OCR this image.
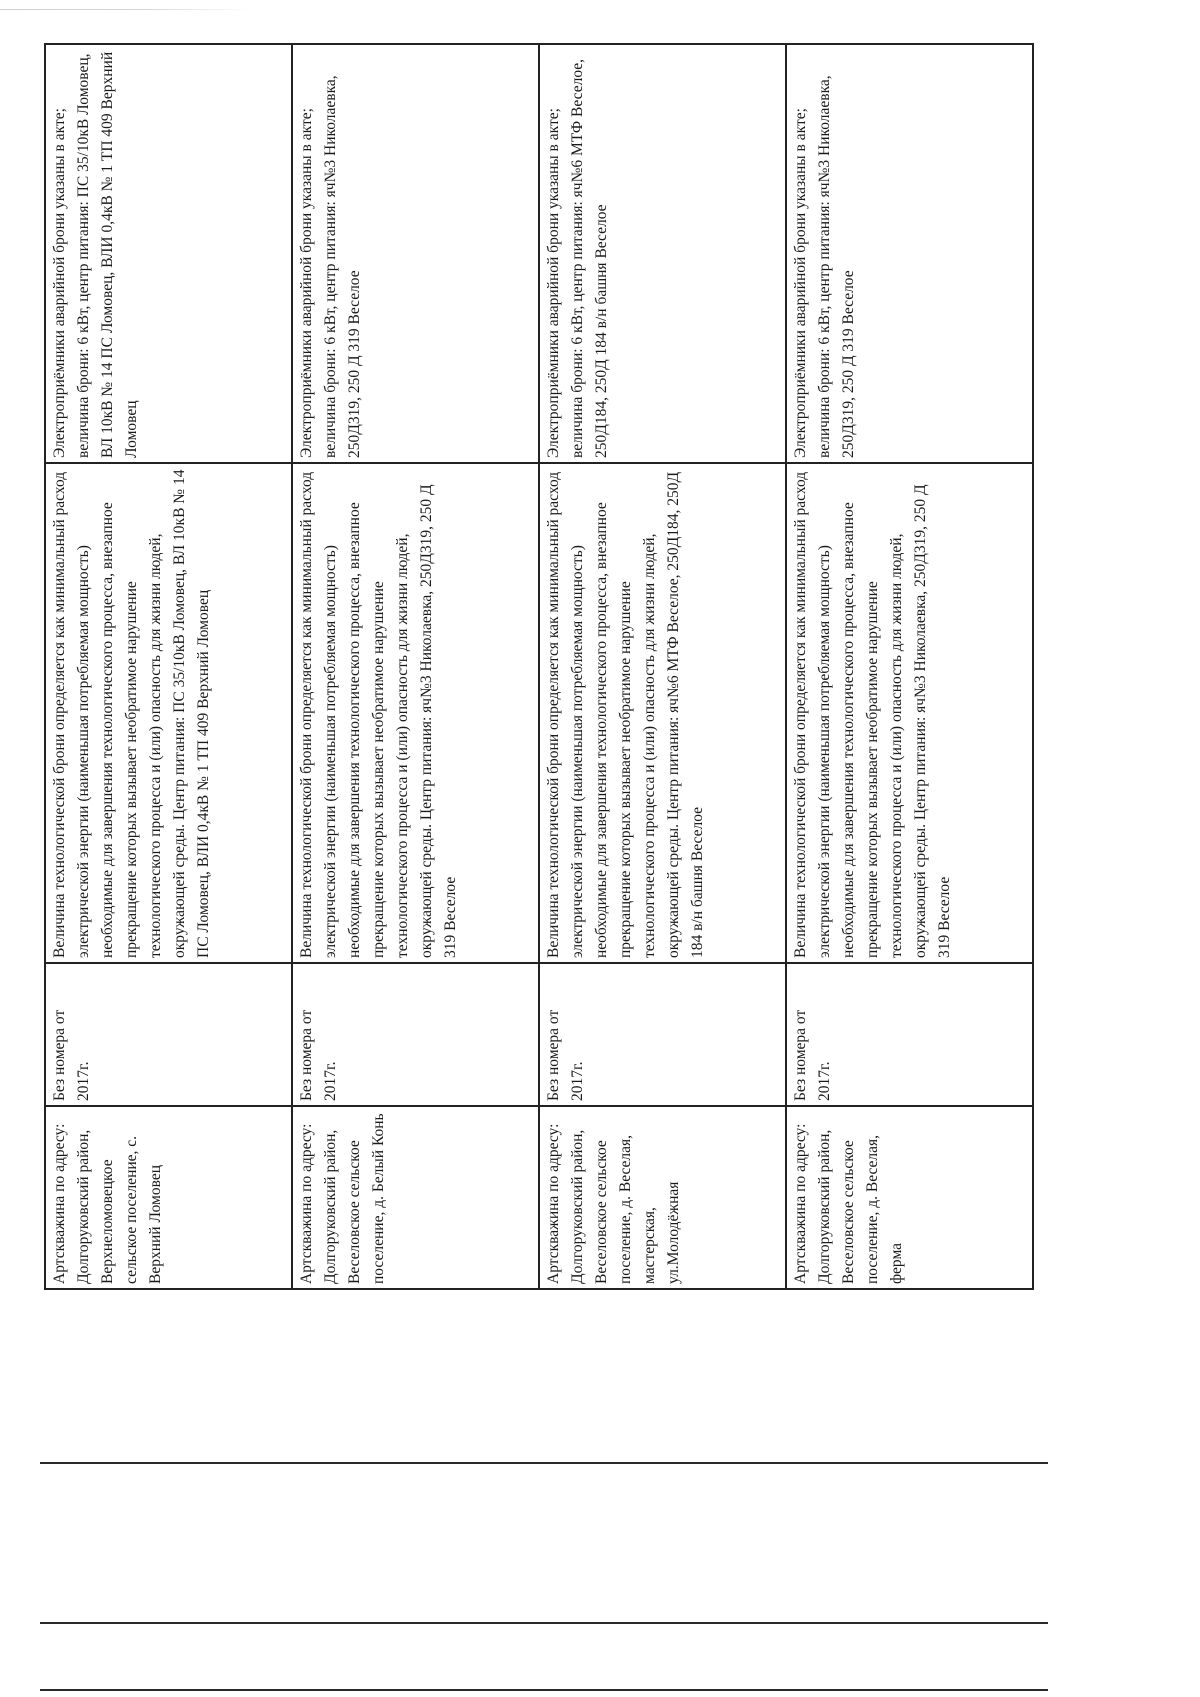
Артскважина по адресу: Долгоруковский район, Верхнеломовецкое сельское поселение, с. Верхний Ломовец	Без номера от 2017г.	Величина технологической брони определяется как минимальный расход электрической энергии (наименьшая потребляемая мощность) необходимые для завершения технологического процесса, внезапное прекращение которых вызывает необратимое нарушение технологического процесса и (или) опасность для жизни людей, окружающей среды. Центр питания: ПС 35/10кВ Ломовец, ВЛ 10кВ № 14 ПС Ломовец, ВЛИ 0,4кВ № 1 ТП 409 Верхний Ломовец	Электроприёмники аварийной брони указаны в акте; величина брони: 6 кВт, центр питания: ПС 35/10кВ Ломовец, ВЛ 10кВ № 14 ПС Ломовец, ВЛИ 0,4кВ № 1 ТП 409 Верхний Ломовец
Артскважина по адресу: Долгоруковский район, Веселовское сельское поселение, д. Белый Конь	Без номера от 2017г.	Величина технологической брони определяется как минимальный расход электрической энергии (наименьшая потребляемая мощность) необходимые для завершения технологического процесса, внезапное прекращение которых вызывает необратимое нарушение технологического процесса и (или) опасность для жизни людей, окружающей среды. Центр питания: яч№3 Николаевка, 250Д319, 250 Д 319 Веселое	Электроприёмники аварийной брони указаны в акте; величина брони: 6 кВт, центр питания: яч№3 Николаевка, 250Д319, 250 Д 319 Веселое
Артскважина по адресу: Долгоруковский район, Веселовское сельское поселение, д. Веселая, мастерская, ул.Молодёжная	Без номера от 2017г.	Величина технологической брони определяется как минимальный расход электрической энергии (наименьшая потребляемая мощность) необходимые для завершения технологического процесса, внезапное прекращение которых вызывает необратимое нарушение технологического процесса и (или) опасность для жизни людей, окружающей среды. Центр питания: яч№6 МТФ Веселое, 250Д184, 250Д 184 в/н башня Веселое	Электроприёмники аварийной брони указаны в акте; величина брони: 6 кВт, центр питания: яч№6 МТФ Веселое, 250Д184, 250Д 184 в/н башня Веселое
Артскважина по адресу: Долгоруковский район, Веселовское сельское поселение, д. Веселая, ферма	Без номера от 2017г.	Величина технологической брони определяется как минимальный расход электрической энергии (наименьшая потребляемая мощность) необходимые для завершения технологического процесса, внезапное прекращение которых вызывает необратимое нарушение технологического процесса и (или) опасность для жизни людей, окружающей среды. Центр питания: яч№3 Николаевка, 250Д319, 250 Д 319 Веселое	Электроприёмники аварийной брони указаны в акте; величина брони: 6 кВт, центр питания: яч№3 Николаевка, 250Д319, 250 Д 319 Веселое
